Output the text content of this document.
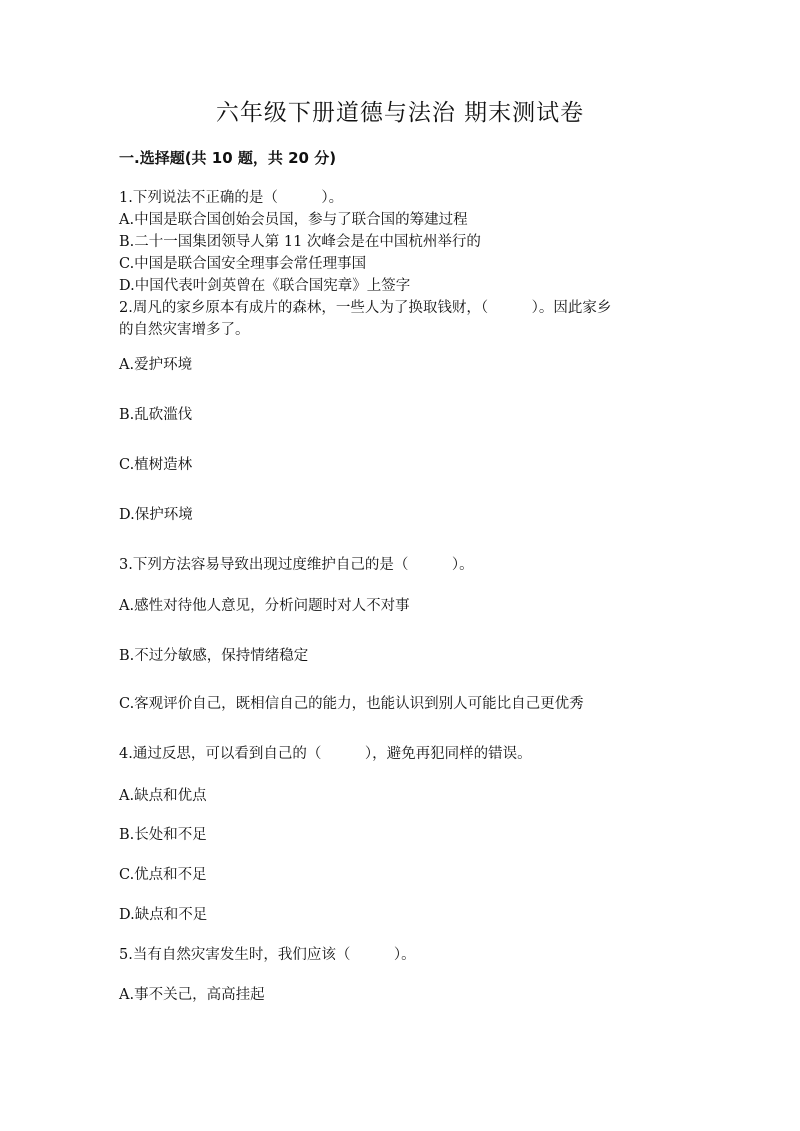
六年级下册道德与法治 期末测试卷
一.选择题(共 10 题，共 20 分)
1.下列说法不正确的是（　　　）。
A.中国是联合国创始会员国，参与了联合国的筹建过程
B.二十一国集团领导人第 11 次峰会是在中国杭州举行的
C.中国是联合国安全理事会常任理事国
D.中国代表叶剑英曾在《联合国宪章》上签字
2.周凡的家乡原本有成片的森林，一些人为了换取钱财，（　　　）。因此家乡
的自然灾害增多了。
A.爱护环境
B.乱砍滥伐
C.植树造林
D.保护环境
3.下列方法容易导致出现过度维护自己的是（　　　）。
A.感性对待他人意见，分析问题时对人不对事
B.不过分敏感，保持情绪稳定
C.客观评价自己，既相信自己的能力，也能认识到别人可能比自己更优秀
4.通过反思，可以看到自己的（　　　），避免再犯同样的错误。
A.缺点和优点
B.长处和不足
C.优点和不足
D.缺点和不足
5.当有自然灾害发生时，我们应该（　　　）。
A.事不关己，高高挂起
